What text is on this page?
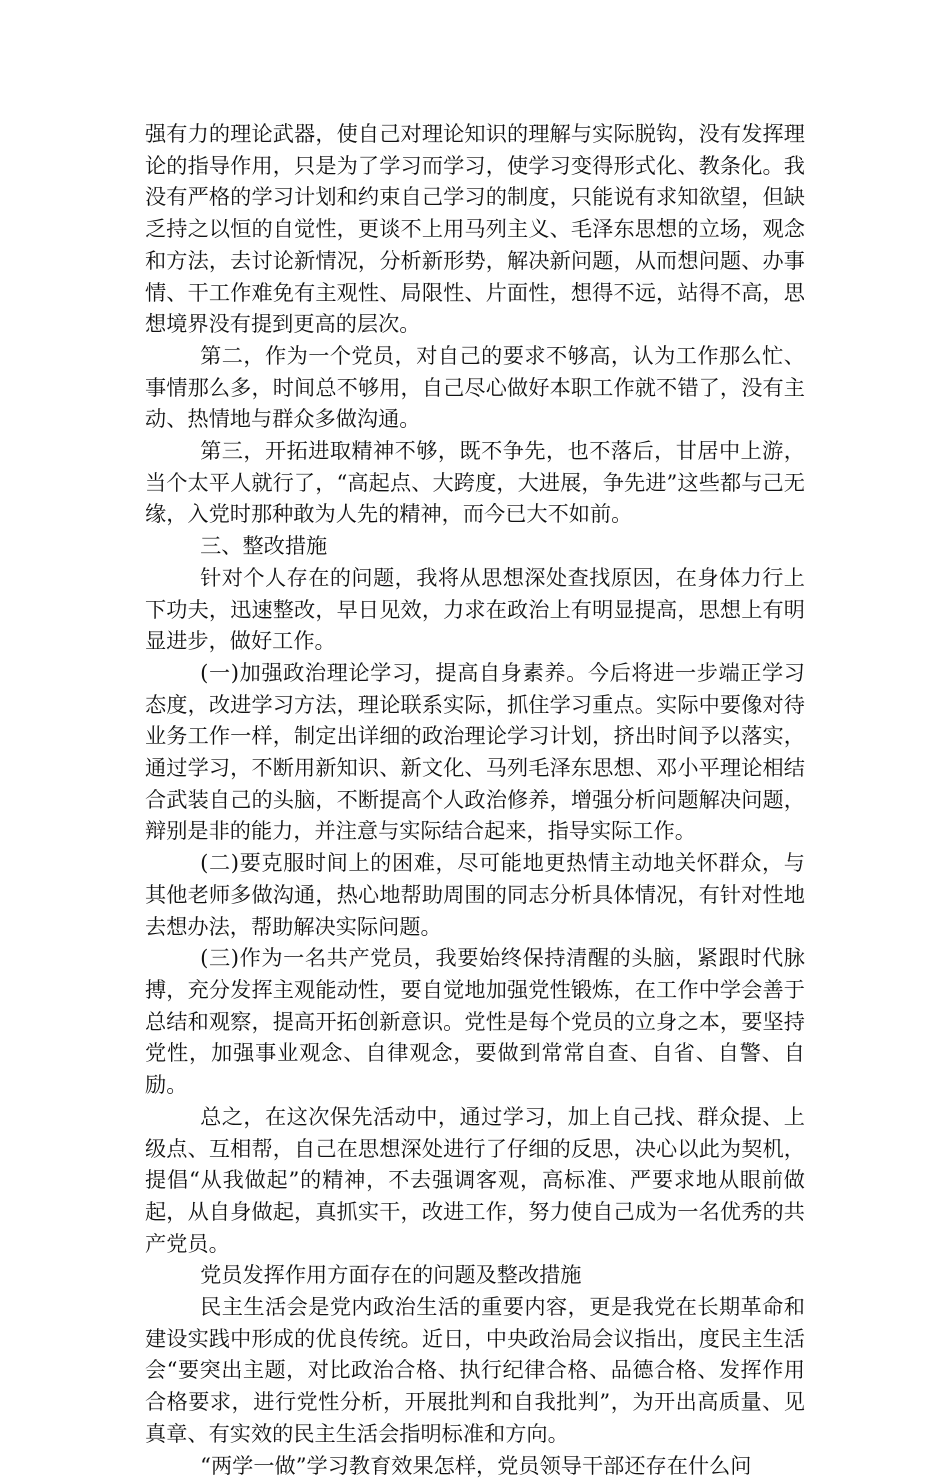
强有力的理论武器，使自己对理论知识的理解与实际脱钩，没有发挥理论的指导作用，只是为了学习而学习，使学习变得形式化、教条化。我没有严格的学习计划和约束自己学习的制度，只能说有求知欲望，但缺乏持之以恒的自觉性，更谈不上用马列主义、毛泽东思想的立场，观念和方法，去讨论新情况，分析新形势，解决新问题，从而想问题、办事情、干工作难免有主观性、局限性、片面性，想得不远，站得不高，思想境界没有提到更高的层次。

第二，作为一个党员，对自己的要求不够高，认为工作那么忙、事情那么多，时间总不够用，自己尽心做好本职工作就不错了，没有主动、热情地与群众多做沟通。

第三，开拓进取精神不够，既不争先，也不落后，甘居中上游，当个太平人就行了，“高起点、大跨度，大进展，争先进”这些都与己无缘，入党时那种敢为人先的精神，而今已大不如前。

三、整改措施

针对个人存在的问题，我将从思想深处查找原因，在身体力行上下功夫，迅速整改，早日见效，力求在政治上有明显提高，思想上有明显进步，做好工作。

(一)加强政治理论学习，提高自身素养。今后将进一步端正学习态度，改进学习方法，理论联系实际，抓住学习重点。实际中要像对待业务工作一样，制定出详细的政治理论学习计划，挤出时间予以落实，通过学习，不断用新知识、新文化、马列毛泽东思想、邓小平理论相结合武装自己的头脑，不断提高个人政治修养，增强分析问题解决问题，辩别是非的能力，并注意与实际结合起来，指导实际工作。

(二)要克服时间上的困难，尽可能地更热情主动地关怀群众，与其他老师多做沟通，热心地帮助周围的同志分析具体情况，有针对性地去想办法，帮助解决实际问题。

(三)作为一名共产党员，我要始终保持清醒的头脑，紧跟时代脉搏，充分发挥主观能动性，要自觉地加强党性锻炼，在工作中学会善于总结和观察，提高开拓创新意识。党性是每个党员的立身之本，要坚持党性，加强事业观念、自律观念，要做到常常自查、自省、自警、自励。

总之，在这次保先活动中，通过学习，加上自己找、群众提、上级点、互相帮，自己在思想深处进行了仔细的反思，决心以此为契机，提倡“从我做起”的精神，不去强调客观，高标准、严要求地从眼前做起，从自身做起，真抓实干，改进工作，努力使自己成为一名优秀的共产党员。

党员发挥作用方面存在的问题及整改措施

民主生活会是党内政治生活的重要内容，更是我党在长期革命和建设实践中形成的优良传统。近日，中央政治局会议指出，度民主生活会“要突出主题，对比政治合格、执行纪律合格、品德合格、发挥作用合格要求，进行党性分析，开展批判和自我批判”，为开出高质量、见真章、有实效的民主生活会指明标准和方向。

“两学一做”学习教育效果怎样，党员领导干部还存在什么问
